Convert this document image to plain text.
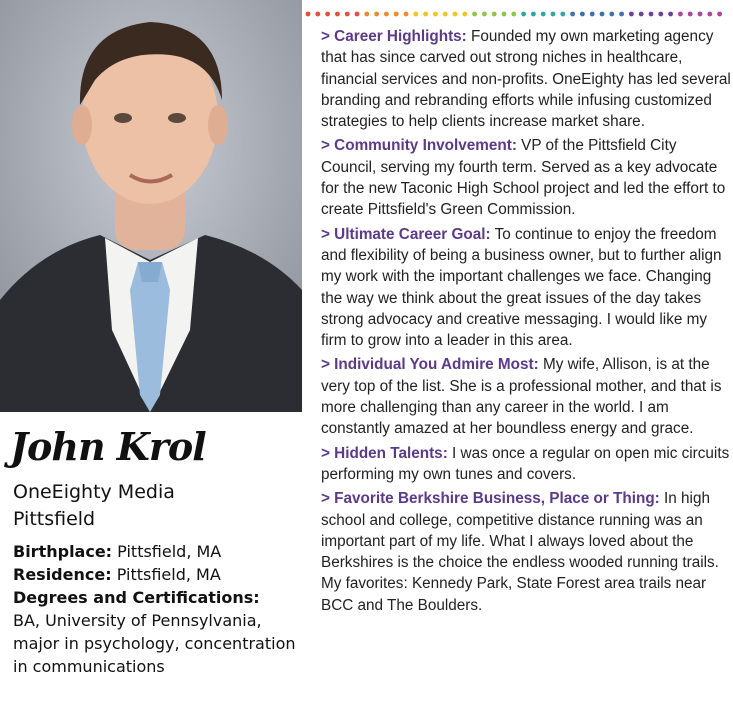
John Krol
OneEighty Media
Pittsfield
Birthplace: Pittsfield, MA
Residence: Pittsfield, MA
Degrees and Certifications:
BA, University of Pennsylvania, major in psychology, concentration in communications

> Career Highlights: Founded my own marketing agency that has since carved out strong niches in healthcare, financial services and non-profits. OneEighty has led several branding and rebranding efforts while infusing customized strategies to help clients increase market share.

> Community Involvement: VP of the Pittsfield City Council, serving my fourth term. Served as a key advocate for the new Taconic High School project and led the effort to create Pittsfield's Green Commission.

> Ultimate Career Goal: To continue to enjoy the freedom and flexibility of being a business owner, but to further align my work with the important challenges we face. Changing the way we think about the great issues of the day takes strong advocacy and creative messaging. I would like my firm to grow into a leader in this area.

> Individual You Admire Most: My wife, Allison, is at the very top of the list. She is a professional mother, and that is more challenging than any career in the world. I am constantly amazed at her boundless energy and grace.

> Hidden Talents: I was once a regular on open mic circuits performing my own tunes and covers.

> Favorite Berkshire Business, Place or Thing: In high school and college, competitive distance running was an important part of my life. What I always loved about the Berkshires is the choice the endless wooded running trails. My favorites: Kennedy Park, State Forest area trails near BCC and The Boulders.
